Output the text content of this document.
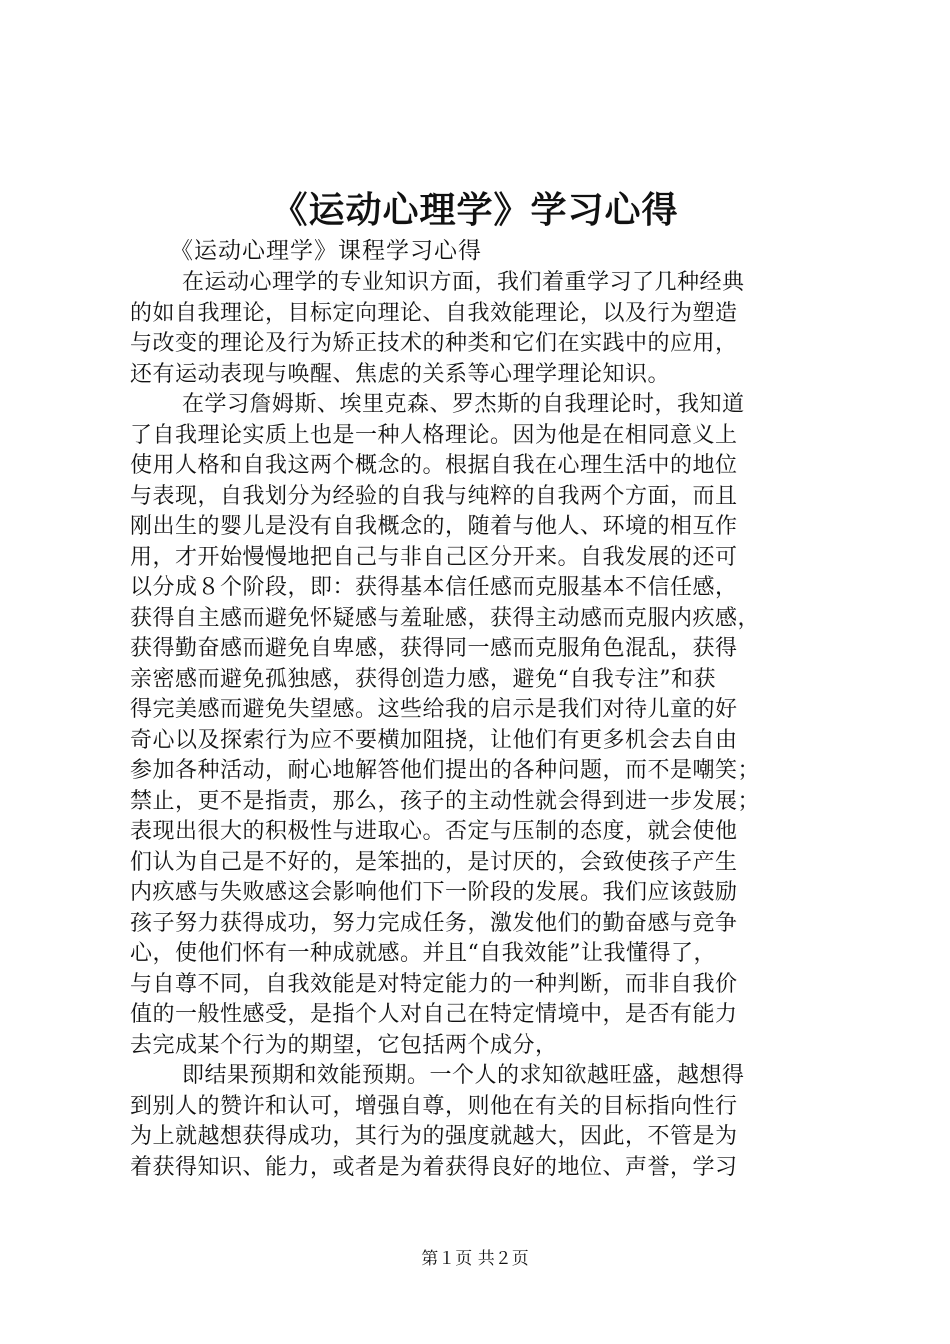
《运动心理学》学习心得
《运动心理学》课程学习心得
在运动心理学的专业知识方面，我们着重学习了几种经典
的如自我理论，目标定向理论、自我效能理论，以及行为塑造
与改变的理论及行为矫正技术的种类和它们在实践中的应用，
还有运动表现与唤醒、焦虑的关系等心理学理论知识。
在学习詹姆斯、埃里克森、罗杰斯的自我理论时，我知道
了自我理论实质上也是一种人格理论。因为他是在相同意义上
使用人格和自我这两个概念的。根据自我在心理生活中的地位
与表现，自我划分为经验的自我与纯粹的自我两个方面，而且
刚出生的婴儿是没有自我概念的，随着与他人、环境的相互作
用，才开始慢慢地把自己与非自己区分开来。自我发展的还可
以分成８个阶段，即：获得基本信任感而克服基本不信任感，
获得自主感而避免怀疑感与羞耻感，获得主动感而克服内疚感，
获得勤奋感而避免自卑感，获得同一感而克服角色混乱，获得
亲密感而避免孤独感，获得创造力感，避免“自我专注”和获
得完美感而避免失望感。这些给我的启示是我们对待儿童的好
奇心以及探索行为应不要横加阻挠，让他们有更多机会去自由
参加各种活动，耐心地解答他们提出的各种问题，而不是嘲笑；
禁止，更不是指责，那么，孩子的主动性就会得到进一步发展；
表现出很大的积极性与进取心。否定与压制的态度，就会使他
们认为自己是不好的，是笨拙的，是讨厌的，会致使孩子产生
内疚感与失败感这会影响他们下一阶段的发展。我们应该鼓励
孩子努力获得成功，努力完成任务，激发他们的勤奋感与竞争
心，使他们怀有一种成就感。并且“自我效能”让我懂得了，
与自尊不同，自我效能是对特定能力的一种判断，而非自我价
值的一般性感受，是指个人对自己在特定情境中，是否有能力
去完成某个行为的期望，它包括两个成分，
即结果预期和效能预期。一个人的求知欲越旺盛，越想得
到别人的赞许和认可，增强自尊，则他在有关的目标指向性行
为上就越想获得成功，其行为的强度就越大，因此，不管是为
着获得知识、能力，或者是为着获得良好的地位、声誉，学习
第１页 共２页
